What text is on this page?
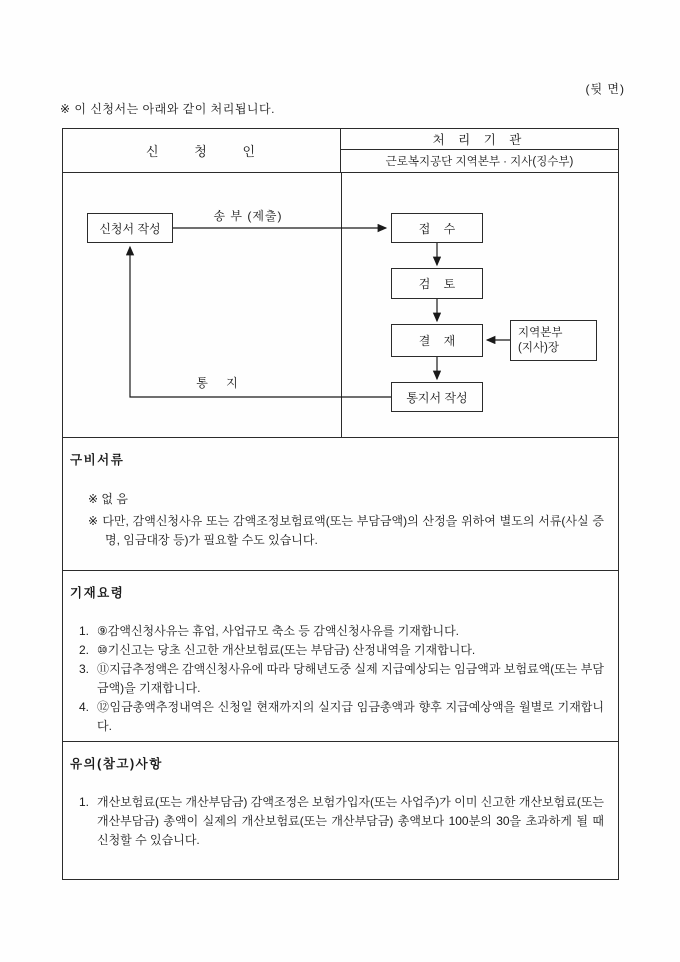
(뒷 면)
※ 이 신청서는 아래와 같이 처리됩니다.
신      청      인
처 리 기 관
근로복지공단 지역본부 · 지사(징수부)
신청서 작성	접    수
검    토
결    재
지역본부
(지사)장
통지서 작성
송 부 (제출)
통    지
구비서류
※ 없 음
※ 다만, 감액신청사유 또는 감액조정보험료액(또는 부담금액)의 산정을 위하여 별도의 서류(사실 증명, 임금대장 등)가 필요할 수도 있습니다.
기재요령
1. ⑨감액신청사유는 휴업, 사업규모 축소 등 감액신청사유를 기재합니다.
2. ⑩기신고는 당초 신고한 개산보험료(또는 부담금) 산정내역을 기재합니다.
3. ⑪지급추정액은 감액신청사유에 따라 당해년도중 실제 지급예상되는 임금액과 보험료액(또는 부담금액)을 기재합니다.
4. ⑫임금총액추정내역은 신청일 현재까지의 실지급 임금총액과 향후 지급예상액을 월별로 기재합니다.
유의(참고)사항
1. 개산보험료(또는 개산부담금) 감액조정은 보험가입자(또는 사업주)가 이미 신고한 개산보험료(또는 개산부담금) 총액이 실제의 개산보험료(또는 개산부담금) 총액보다 100분의 30을 초과하게 될 때 신청할 수 있습니다.
